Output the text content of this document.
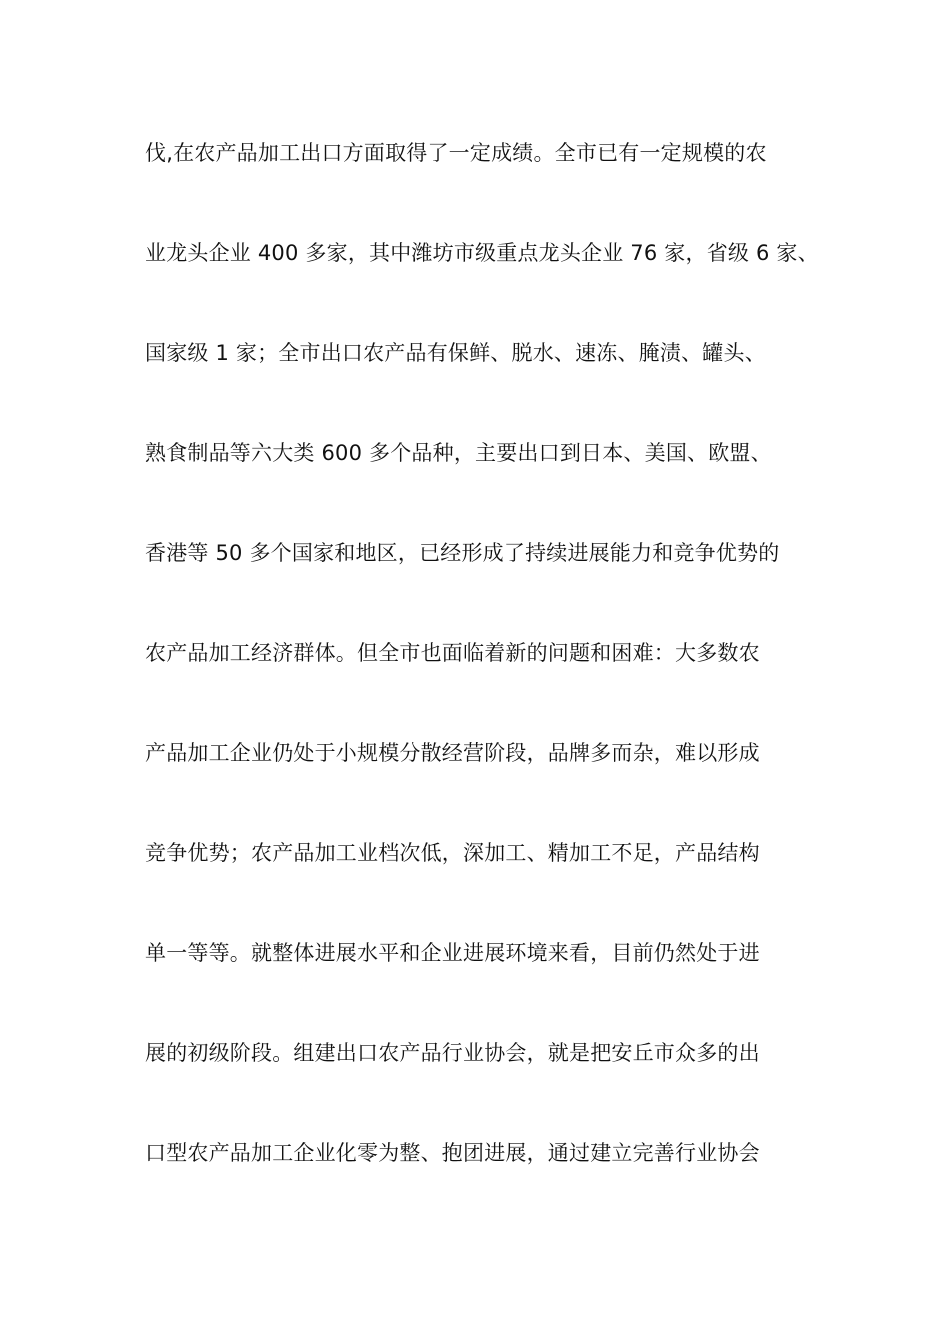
伐,在农产品加工出口方面取得了一定成绩。全市已有一定规模的农
业龙头企业 400 多家，其中潍坊市级重点龙头企业 76 家，省级 6 家、
国家级 1 家；全市出口农产品有保鲜、脱水、速冻、腌渍、罐头、
熟食制品等六大类 600 多个品种，主要出口到日本、美国、欧盟、
香港等 50 多个国家和地区，已经形成了持续进展能力和竞争优势的
农产品加工经济群体。但全市也面临着新的问题和困难：大多数农
产品加工企业仍处于小规模分散经营阶段，品牌多而杂，难以形成
竞争优势；农产品加工业档次低，深加工、精加工不足，产品结构
单一等等。就整体进展水平和企业进展环境来看，目前仍然处于进
展的初级阶段。组建出口农产品行业协会，就是把安丘市众多的出
口型农产品加工企业化零为整、抱团进展，通过建立完善行业协会
